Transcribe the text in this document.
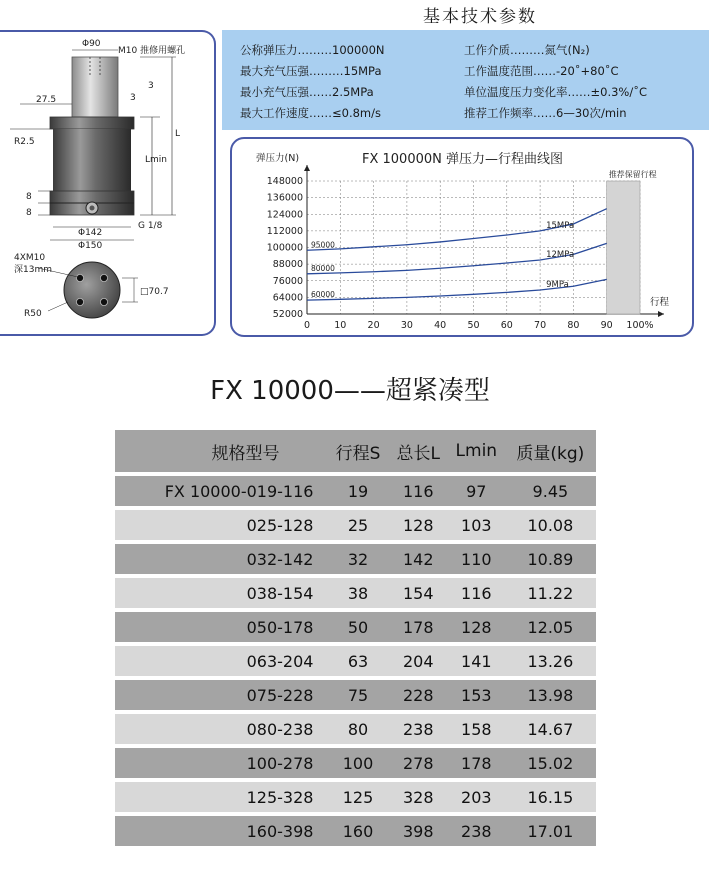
基本技术参数
Φ90
M10 推修用螺孔
27.5
3
3
R2.5
L
Lmin
8
8
G 1/8
Φ142
Φ150
4XM10
深13mm
□70.7
R50
公称弹压力………100000N
最大充气压强………15MPa
最小充气压强……2.5MPa
最大工作速度……≤0.8m/s
工作介质………氮气(N₂)
工作温度范围……-20˚+80˚C
单位温度压力变化率……±0.3%/˚C
推荐工作频率……6—30次/min
15MPa
95000
12MPa
80000
9MPa
60000
148000
136000
124000
112000
100000
88000
76000
64000
52000
0	10 20 30 40 50 60 70 80 90 100%
弹压力(N)	FX 100000N 弹压力—行程曲线图
行程
推荐保留行程
FX 10000——超紧凑型
规格型号	行程S	总长L	Lmin	质量(kg)
FX 10000-019-116	19	116	97	9.45
025-128	25	128	103	10.08
032-142	32	142	110	10.89
038-154	38	154	116	11.22
050-178	50	178	128	12.05
063-204	63	204	141	13.26
075-228	75	228	153	13.98
080-238	80	238	158	14.67
100-278	100	278	178	15.02
125-328	125	328	203	16.15
160-398	160	398	238	17.01
